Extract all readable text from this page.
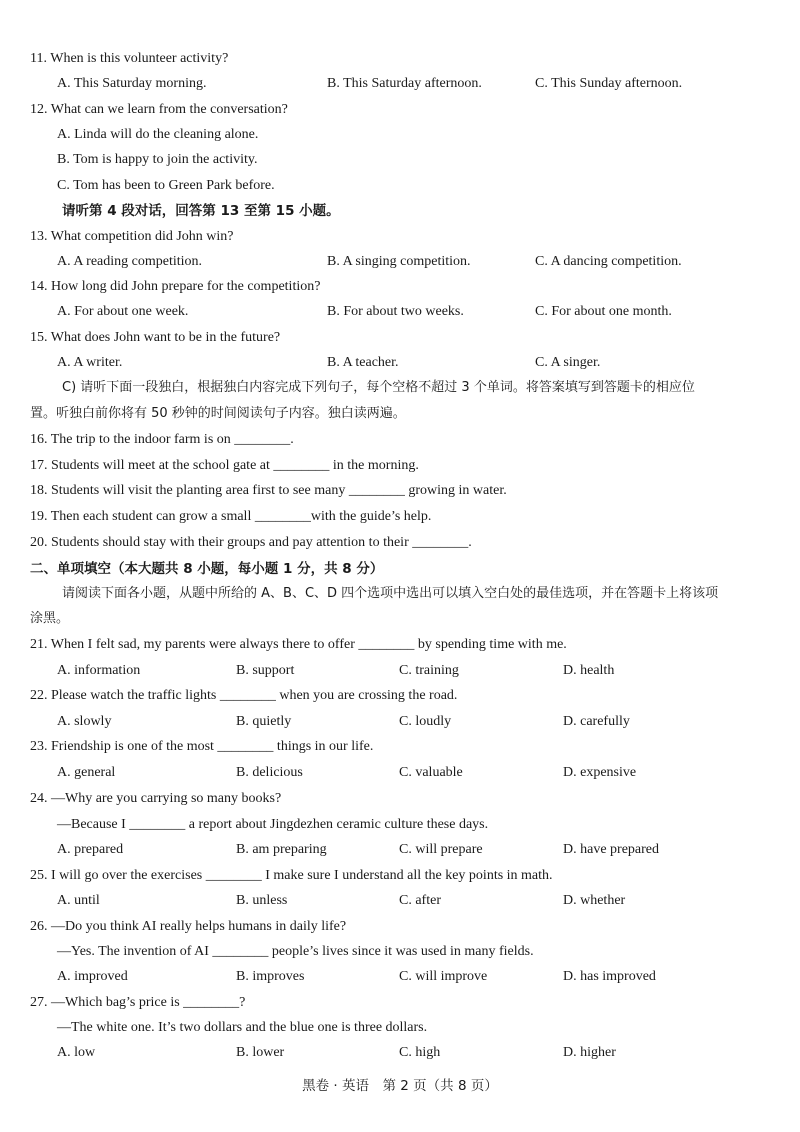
11. When is this volunteer activity?
A. This Saturday morning.	B. This Saturday afternoon.	C. This Sunday afternoon.
12. What can we learn from the conversation?
A. Linda will do the cleaning alone.
B. Tom is happy to join the activity.
C. Tom has been to Green Park before.
请听第 4 段对话，回答第 13 至第 15 小题。
13. What competition did John win?
A. A reading competition.	B. A singing competition.	C. A dancing competition.
14. How long did John prepare for the competition?
A. For about one week.	B. For about two weeks.	C. For about one month.
15. What does John want to be in the future?
A. A writer.	B. A teacher.	C. A singer.
C) 请听下面一段独白，根据独白内容完成下列句子，每个空格不超过 3 个单词。将答案填写到答题卡的相应位
置。听独白前你将有 50 秒钟的时间阅读句子内容。独白读两遍。
16. The trip to the indoor farm is on ________.
17. Students will meet at the school gate at ________ in the morning.
18. Students will visit the planting area first to see many ________ growing in water.
19. Then each student can grow a small ________with the guide’s help.
20. Students should stay with their groups and pay attention to their ________.
二、单项填空（本大题共 8 小题，每小题 1 分，共 8 分）
请阅读下面各小题，从题中所给的 A、B、C、D 四个选项中选出可以填入空白处的最佳选项，并在答题卡上将该项
涂黑。
21. When I felt sad, my parents were always there to offer ________ by spending time with me.
A. information	B. support	C. training	D. health
22. Please watch the traffic lights ________ when you are crossing the road.
A. slowly	B. quietly	C. loudly	D. carefully
23. Friendship is one of the most ________ things in our life.
A. general	B. delicious	C. valuable	D. expensive
24. —Why are you carrying so many books?
—Because I ________ a report about Jingdezhen ceramic culture these days.
A. prepared	B. am preparing	C. will prepare	D. have prepared
25. I will go over the exercises ________ I make sure I understand all the key points in math.
A. until	B. unless	C. after	D. whether
26. —Do you think AI really helps humans in daily life?
—Yes. The invention of AI ________ people’s lives since it was used in many fields.
A. improved	B. improves	C. will improve	D. has improved
27. —Which bag’s price is ________?
—The white one. It’s two dollars and the blue one is three dollars.
A. low	B. lower	C. high	D. higher
黑卷 · 英语　第 2 页（共 8 页）
